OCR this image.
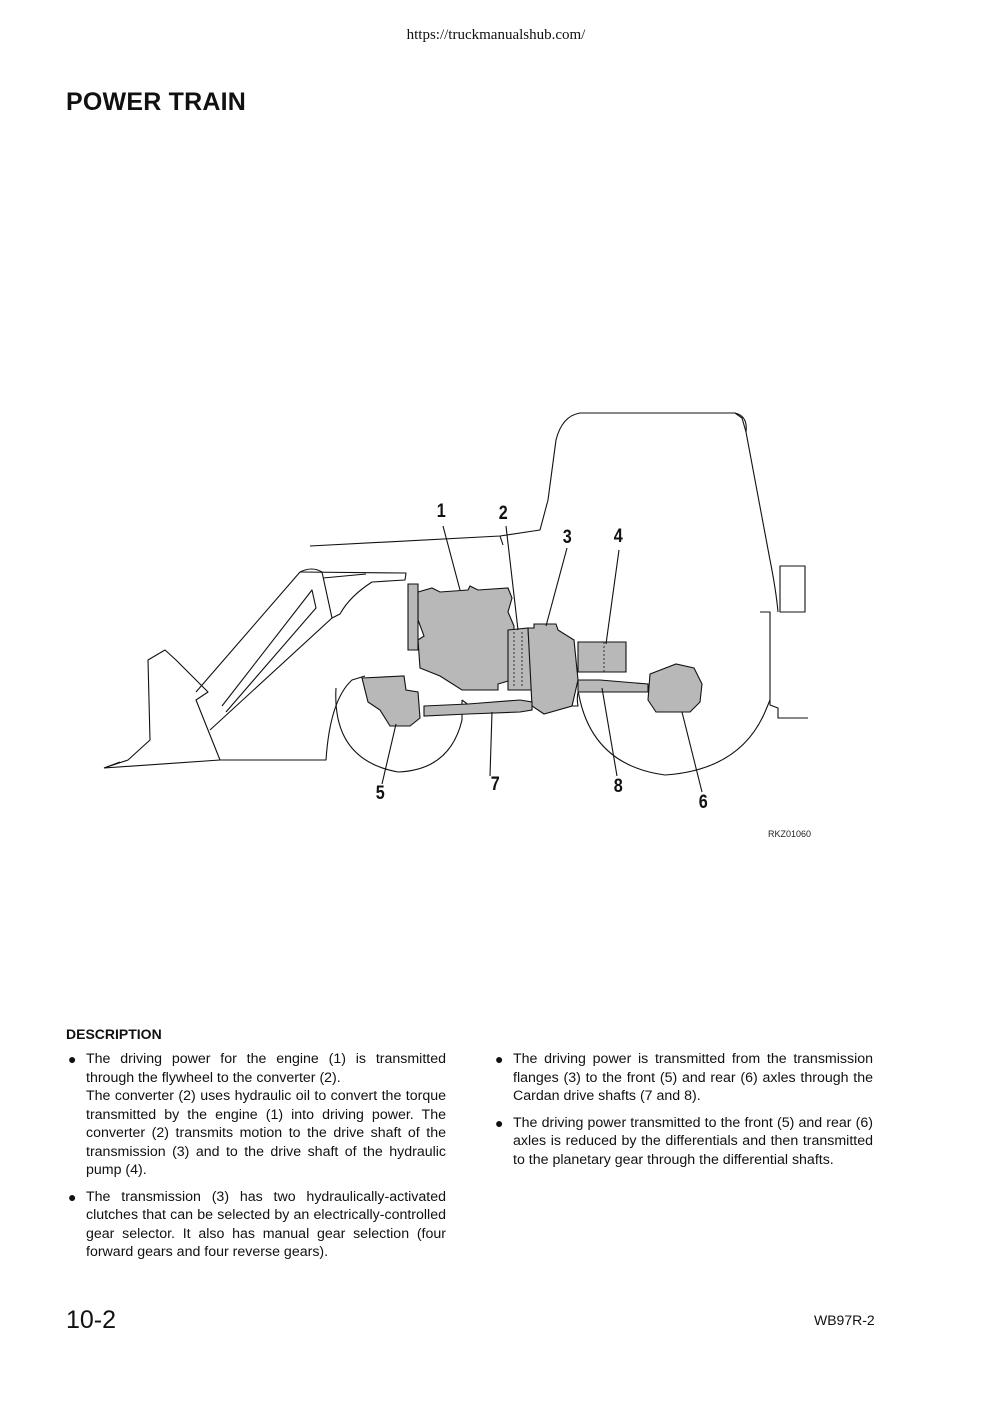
https://truckmanualshub.com/
POWER TRAIN
1	2
3 4
5	6
7	8
RKZ01060
DESCRIPTION
● The driving power for the engine (1) is transmitted through the flywheel to the converter (2).

The converter (2) uses hydraulic oil to convert the torque transmitted by the engine (1) into driving power. The converter (2) transmits motion to the drive shaft of the transmission (3) and to the drive shaft of the hydraulic pump (4).

● The transmission (3) has two hydraulically-activated clutches that can be selected by an electrically-controlled gear selector. It also has manual gear selection (four forward gears and four reverse gears).

● The driving power is transmitted from the transmission flanges (3) to the front (5) and rear (6) axles through the Cardan drive shafts (7 and 8).

● The driving power transmitted to the front (5) and rear (6) axles is reduced by the differentials and then transmitted to the planetary gear through the differential shafts.

10-2	WB97R-2
